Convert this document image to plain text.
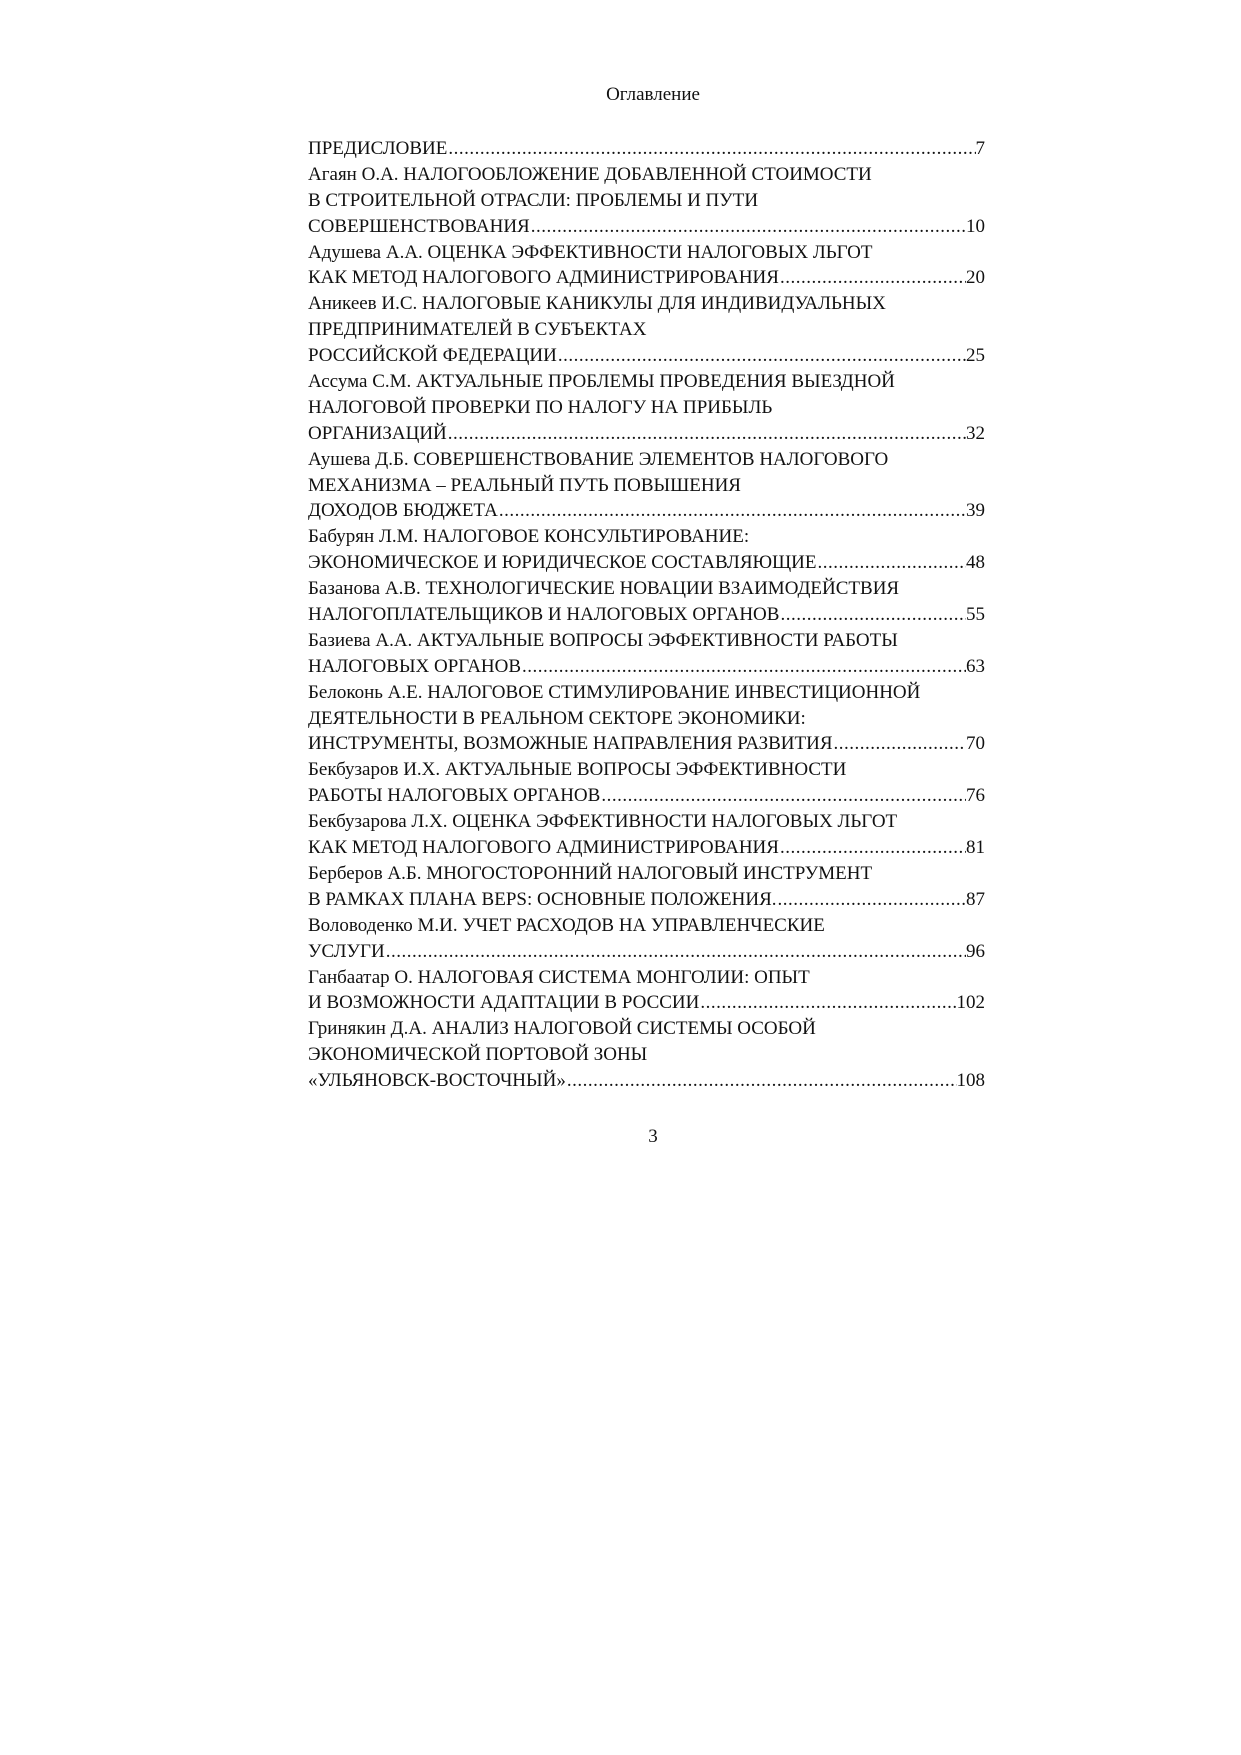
Оглавление
ПРЕДИСЛОВИЕ .....	7
Агаян О.А. НАЛОГООБЛОЖЕНИЕ ДОБАВЛЕННОЙ СТОИМОСТИ
В СТРОИТЕЛЬНОЙ ОТРАСЛИ: ПРОБЛЕМЫ И ПУТИ
СОВЕРШЕНСТВОВАНИЯ .....	10
Адушева А.А. ОЦЕНКА ЭФФЕКТИВНОСТИ НАЛОГОВЫХ ЛЬГОТ
КАК МЕТОД НАЛОГОВОГО АДМИНИСТРИРОВАНИЯ .....	20
Аникеев И.С. НАЛОГОВЫЕ КАНИКУЛЫ ДЛЯ ИНДИВИДУАЛЬНЫХ
ПРЕДПРИНИМАТЕЛЕЙ В СУБЪЕКТАХ
РОССИЙСКОЙ ФЕДЕРАЦИИ .....	25
Ассума С.М. АКТУАЛЬНЫЕ ПРОБЛЕМЫ ПРОВЕДЕНИЯ ВЫЕЗДНОЙ
НАЛОГОВОЙ ПРОВЕРКИ ПО НАЛОГУ НА ПРИБЫЛЬ
ОРГАНИЗАЦИЙ .....	32
Аушева Д.Б. СОВЕРШЕНСТВОВАНИЕ ЭЛЕМЕНТОВ НАЛОГОВОГО
МЕХАНИЗМА – РЕАЛЬНЫЙ ПУТЬ ПОВЫШЕНИЯ
ДОХОДОВ БЮДЖЕТА .....	39
Бабурян Л.М. НАЛОГОВОЕ КОНСУЛЬТИРОВАНИЕ:
ЭКОНОМИЧЕСКОЕ И ЮРИДИЧЕСКОЕ СОСТАВЛЯЮЩИЕ .....	48
Базанова А.В. ТЕХНОЛОГИЧЕСКИЕ НОВАЦИИ ВЗАИМОДЕЙСТВИЯ
НАЛОГОПЛАТЕЛЬЩИКОВ И НАЛОГОВЫХ ОРГАНОВ .....	55
Базиева А.А. АКТУАЛЬНЫЕ ВОПРОСЫ ЭФФЕКТИВНОСТИ РАБОТЫ
НАЛОГОВЫХ ОРГАНОВ .....	63
Белоконь А.Е. НАЛОГОВОЕ СТИМУЛИРОВАНИЕ ИНВЕСТИЦИОННОЙ
ДЕЯТЕЛЬНОСТИ В РЕАЛЬНОМ СЕКТОРЕ ЭКОНОМИКИ:
ИНСТРУМЕНТЫ, ВОЗМОЖНЫЕ НАПРАВЛЕНИЯ РАЗВИТИЯ .....	70
Бекбузаров И.Х. АКТУАЛЬНЫЕ ВОПРОСЫ ЭФФЕКТИВНОСТИ
РАБОТЫ НАЛОГОВЫХ ОРГАНОВ .....	76
Бекбузарова Л.Х. ОЦЕНКА ЭФФЕКТИВНОСТИ НАЛОГОВЫХ ЛЬГОТ
КАК МЕТОД НАЛОГОВОГО АДМИНИСТРИРОВАНИЯ .....	81
Берберов А.Б. МНОГОСТОРОННИЙ НАЛОГОВЫЙ ИНСТРУМЕНТ
В РАМКАХ ПЛАНА BEPS: ОСНОВНЫЕ ПОЛОЖЕНИЯ. .....	87
Воловоденко М.И. УЧЕТ РАСХОДОВ НА УПРАВЛЕНЧЕСКИЕ
УСЛУГИ .....	96
Ганбаатар О. НАЛОГОВАЯ СИСТЕМА МОНГОЛИИ: ОПЫТ
И ВОЗМОЖНОСТИ АДАПТАЦИИ В РОССИИ .....	102
Гринякин Д.А. АНАЛИЗ НАЛОГОВОЙ СИСТЕМЫ ОСОБОЙ
ЭКОНОМИЧЕСКОЙ ПОРТОВОЙ ЗОНЫ
«УЛЬЯНОВСК-ВОСТОЧНЫЙ» .....	108
3
